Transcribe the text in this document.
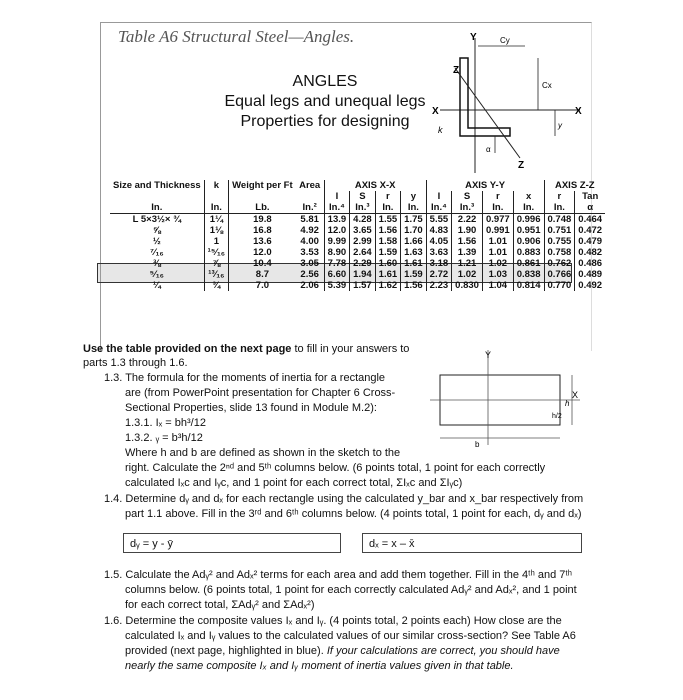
Table A6 Structural Steel—Angles.
ANGLES
Equal legs and unequal legs
Properties for designing
Y	Cy
Z
X	X
k
Cx
y
α
Z
Size and Thickness	k	Weight per Ft	Area	AXIS X-X				AXIS Y-Y				AXIS Z-Z	
				I	S	r	y	I	S	r	x	r	Tan
In.	In.	Lb.	In.²	In.⁴	In.³	In.	In.	In.⁴	In.³	In.	In.	In.	α
L 5×3½× ¾	1¼	19.8	5.81	13.9	4.28	1.55	1.75	5.55	2.22	0.977	0.996	0.748	0.464
⅝	1⅛	16.8	4.92	12.0	3.65	1.56	1.70	4.83	1.90	0.991	0.951	0.751	0.472
½	1	13.6	4.00	9.99	2.99	1.58	1.66	4.05	1.56	1.01	0.906	0.755	0.479
⁷⁄₁₆	¹⁵⁄₁₆	12.0	3.53	8.90	2.64	1.59	1.63	3.63	1.39	1.01	0.883	0.758	0.482
⅜	⅞	10.4	3.05	7.78	2.29	1.60	1.61	3.18	1.21	1.02	0.861	0.762	0.486
⁵⁄₁₆	¹³⁄₁₆	8.7	2.56	6.60	1.94	1.61	1.59	2.72	1.02	1.03	0.838	0.766	0.489
¼	¾	7.0	2.06	5.39	1.57	1.62	1.56	2.23	0.830	1.04	0.814	0.770	0.492
Use the table provided on the next page to fill in your answers to
parts 1.3 through 1.6.
1.3. The formula for the moments of inertia for a rectangle
are (from PowerPoint presentation for Chapter 6 Cross-
Sectional Properties, slide 13 found in Module M.2):
1.3.1. Iₓ = bh³/12
1.3.2. ᵧ = b³h/12
Where h and b are defined as shown in the sketch to the
right. Calculate the 2ⁿᵈ and 5ᵗʰ columns below. (6 points total, 1 point for each correctly
calculated Iₓc and Iᵧc, and 1 point for each correct total, ΣIₓc and ΣIᵧc)
Y
X
h
h/2
b
1.4. Determine dᵧ and dₓ for each rectangle using the calculated y_bar and x_bar respectively from
part 1.1 above. Fill in the 3ʳᵈ and 6ᵗʰ columns below. (4 points total, 1 point for each, dᵧ and dₓ)
dᵧ = y - ȳ	dₓ = x – x̄
1.5. Calculate the Adᵧ² and Adₓ² terms for each area and add them together. Fill in the 4ᵗʰ and 7ᵗʰ
columns below. (6 points total, 1 point for each correctly calculated Adᵧ² and Adₓ², and 1 point
for each correct total, ΣAdᵧ² and ΣAdₓ²)
1.6. Determine the composite values Iₓ and Iᵧ. (4 points total, 2 points each) How close are the
calculated Iₓ and Iᵧ values to the calculated values of our similar cross-section? See Table A6
provided (next page, highlighted in blue). If your calculations are correct, you should have
nearly the same composite Iₓ and Iᵧ moment of inertia values given in that table.
